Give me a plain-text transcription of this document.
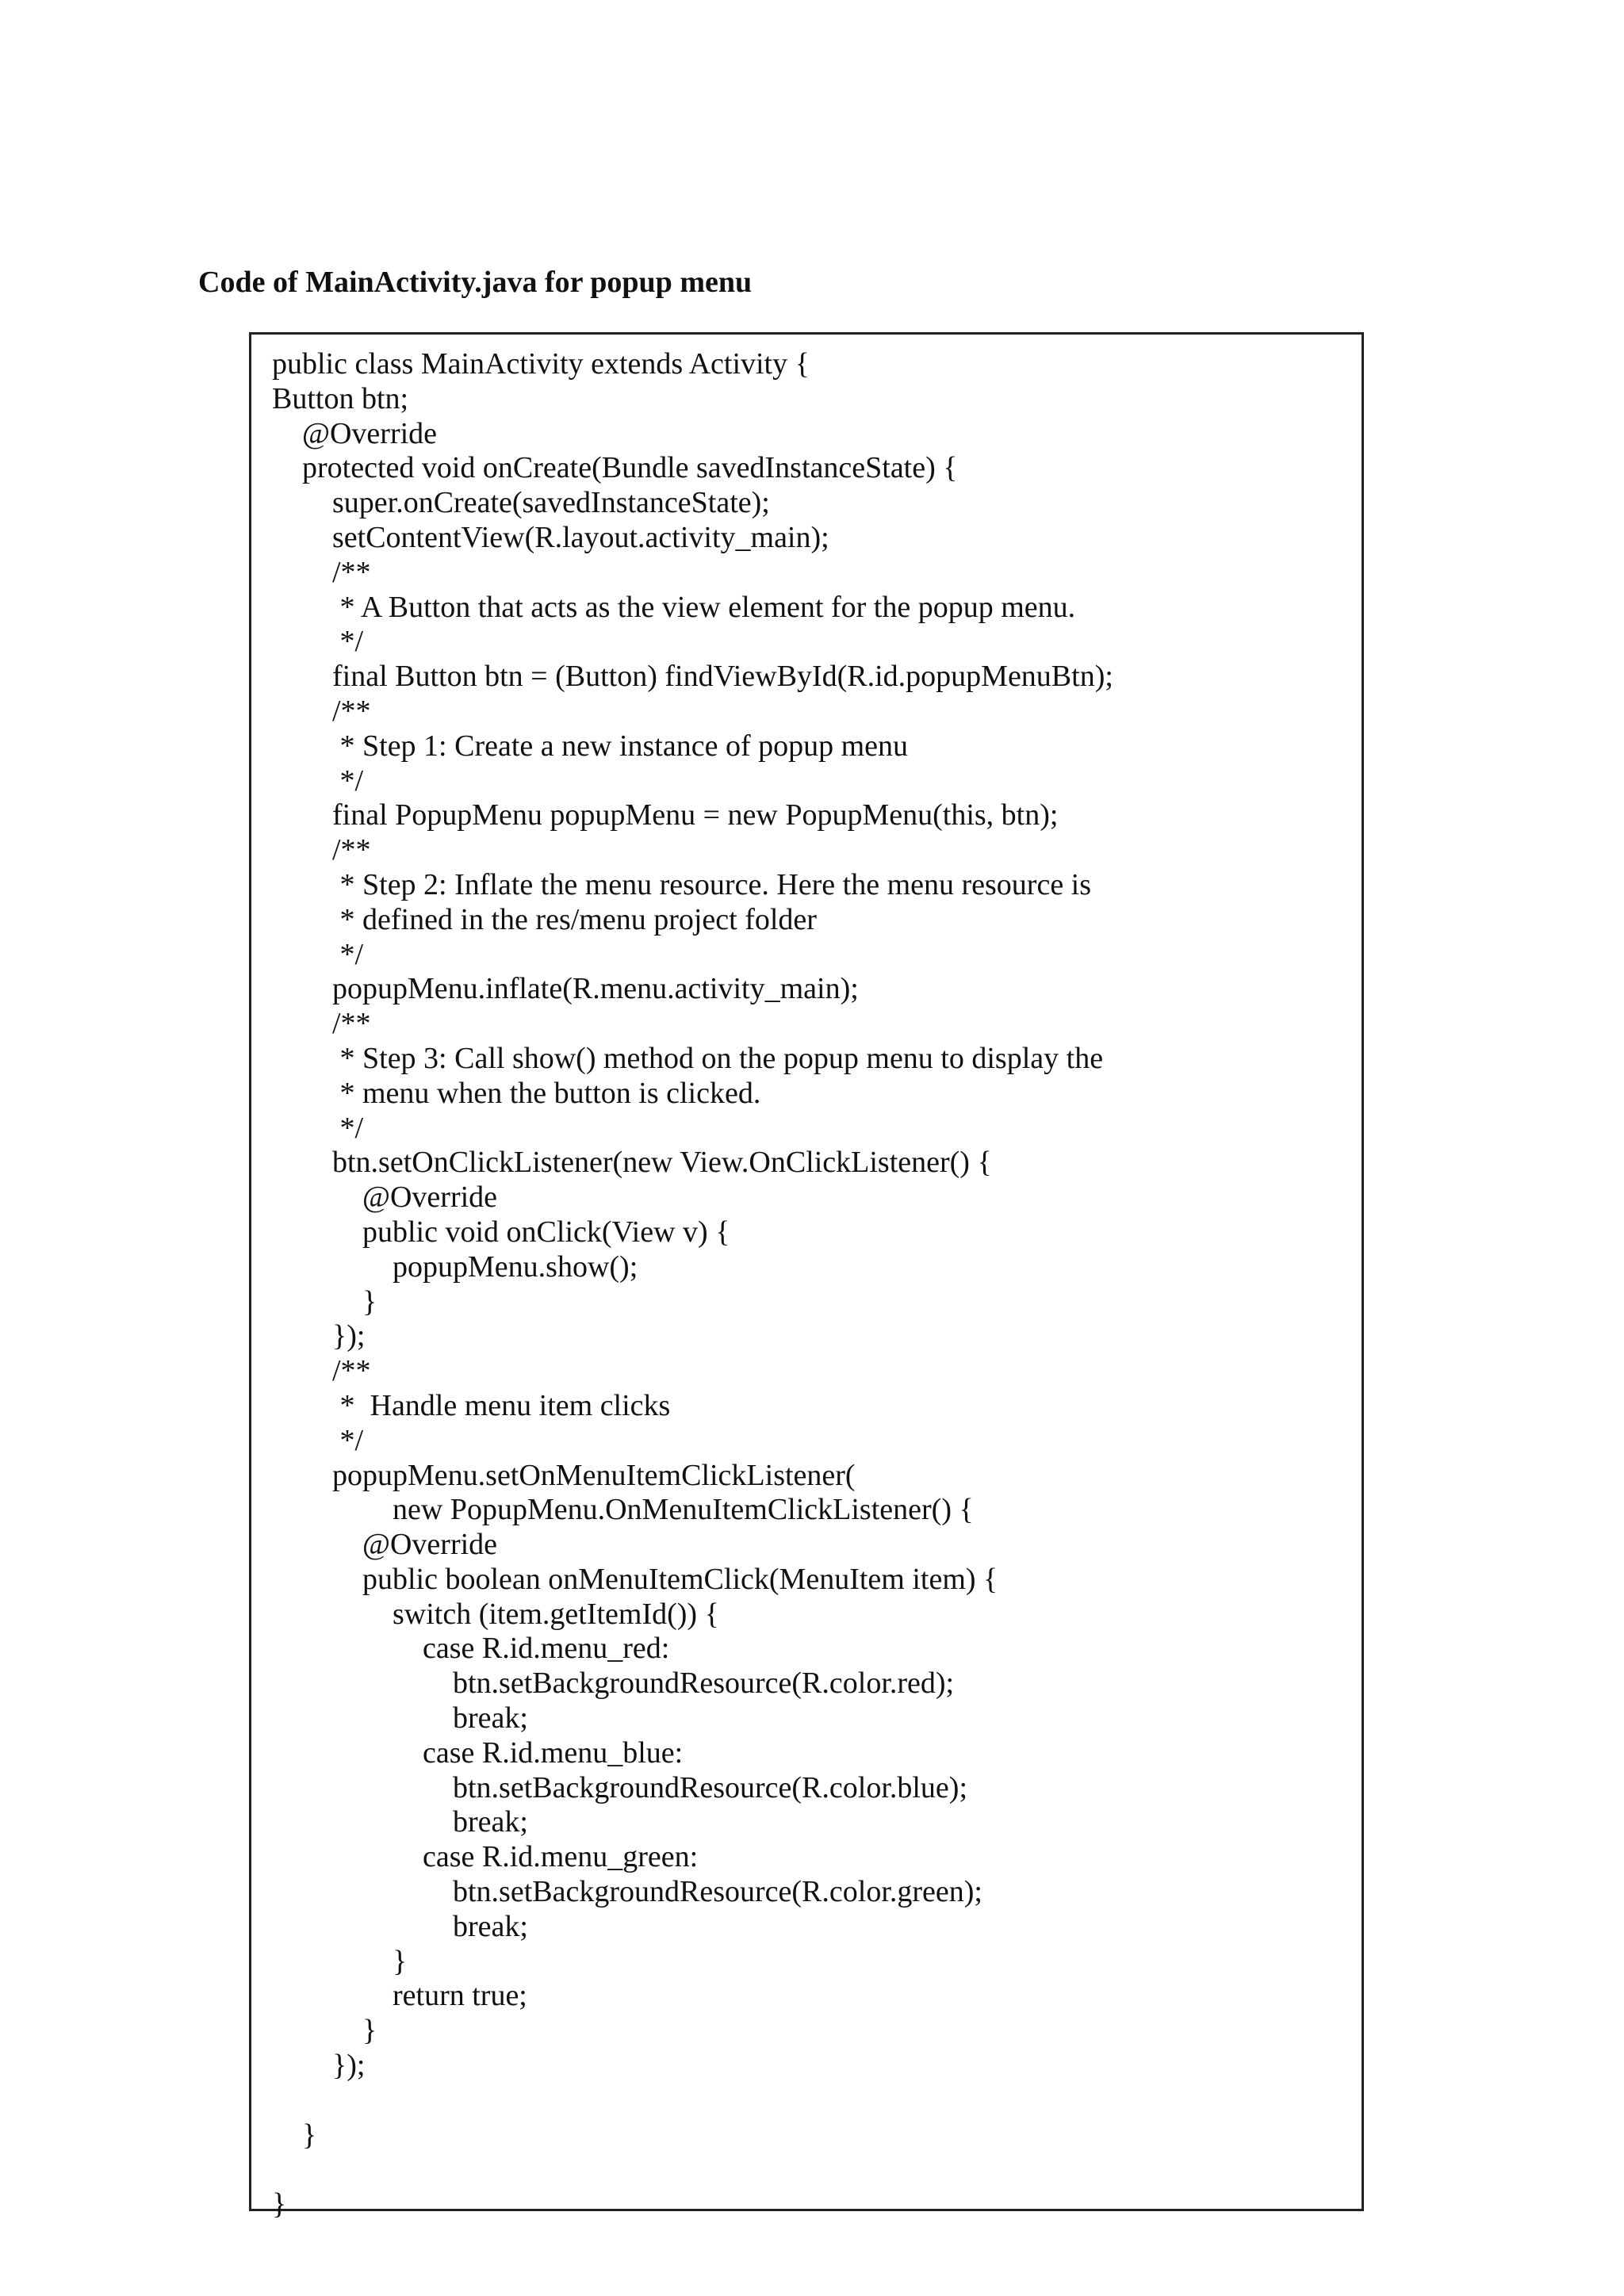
Code of MainActivity.java for popup menu
public class MainActivity extends Activity {
Button btn;
@Override
protected void onCreate(Bundle savedInstanceState) {
super.onCreate(savedInstanceState);
setContentView(R.layout.activity_main);
/**
* A Button that acts as the view element for the popup menu.
*/
final Button btn = (Button) findViewById(R.id.popupMenuBtn);
/**
* Step 1: Create a new instance of popup menu
*/
final PopupMenu popupMenu = new PopupMenu(this, btn);
/**
* Step 2: Inflate the menu resource. Here the menu resource is
* defined in the res/menu project folder
*/
popupMenu.inflate(R.menu.activity_main);
/**
* Step 3: Call show() method on the popup menu to display the
* menu when the button is clicked.
*/
btn.setOnClickListener(new View.OnClickListener() {
@Override
public void onClick(View v) {
popupMenu.show();
}
});
/**
*  Handle menu item clicks
*/
popupMenu.setOnMenuItemClickListener(
new PopupMenu.OnMenuItemClickListener() {
@Override
public boolean onMenuItemClick(MenuItem item) {
switch (item.getItemId()) {
case R.id.menu_red:
btn.setBackgroundResource(R.color.red);
break;
case R.id.menu_blue:
btn.setBackgroundResource(R.color.blue);
break;
case R.id.menu_green:
btn.setBackgroundResource(R.color.green);
break;
}
return true;
}
});
}
}
